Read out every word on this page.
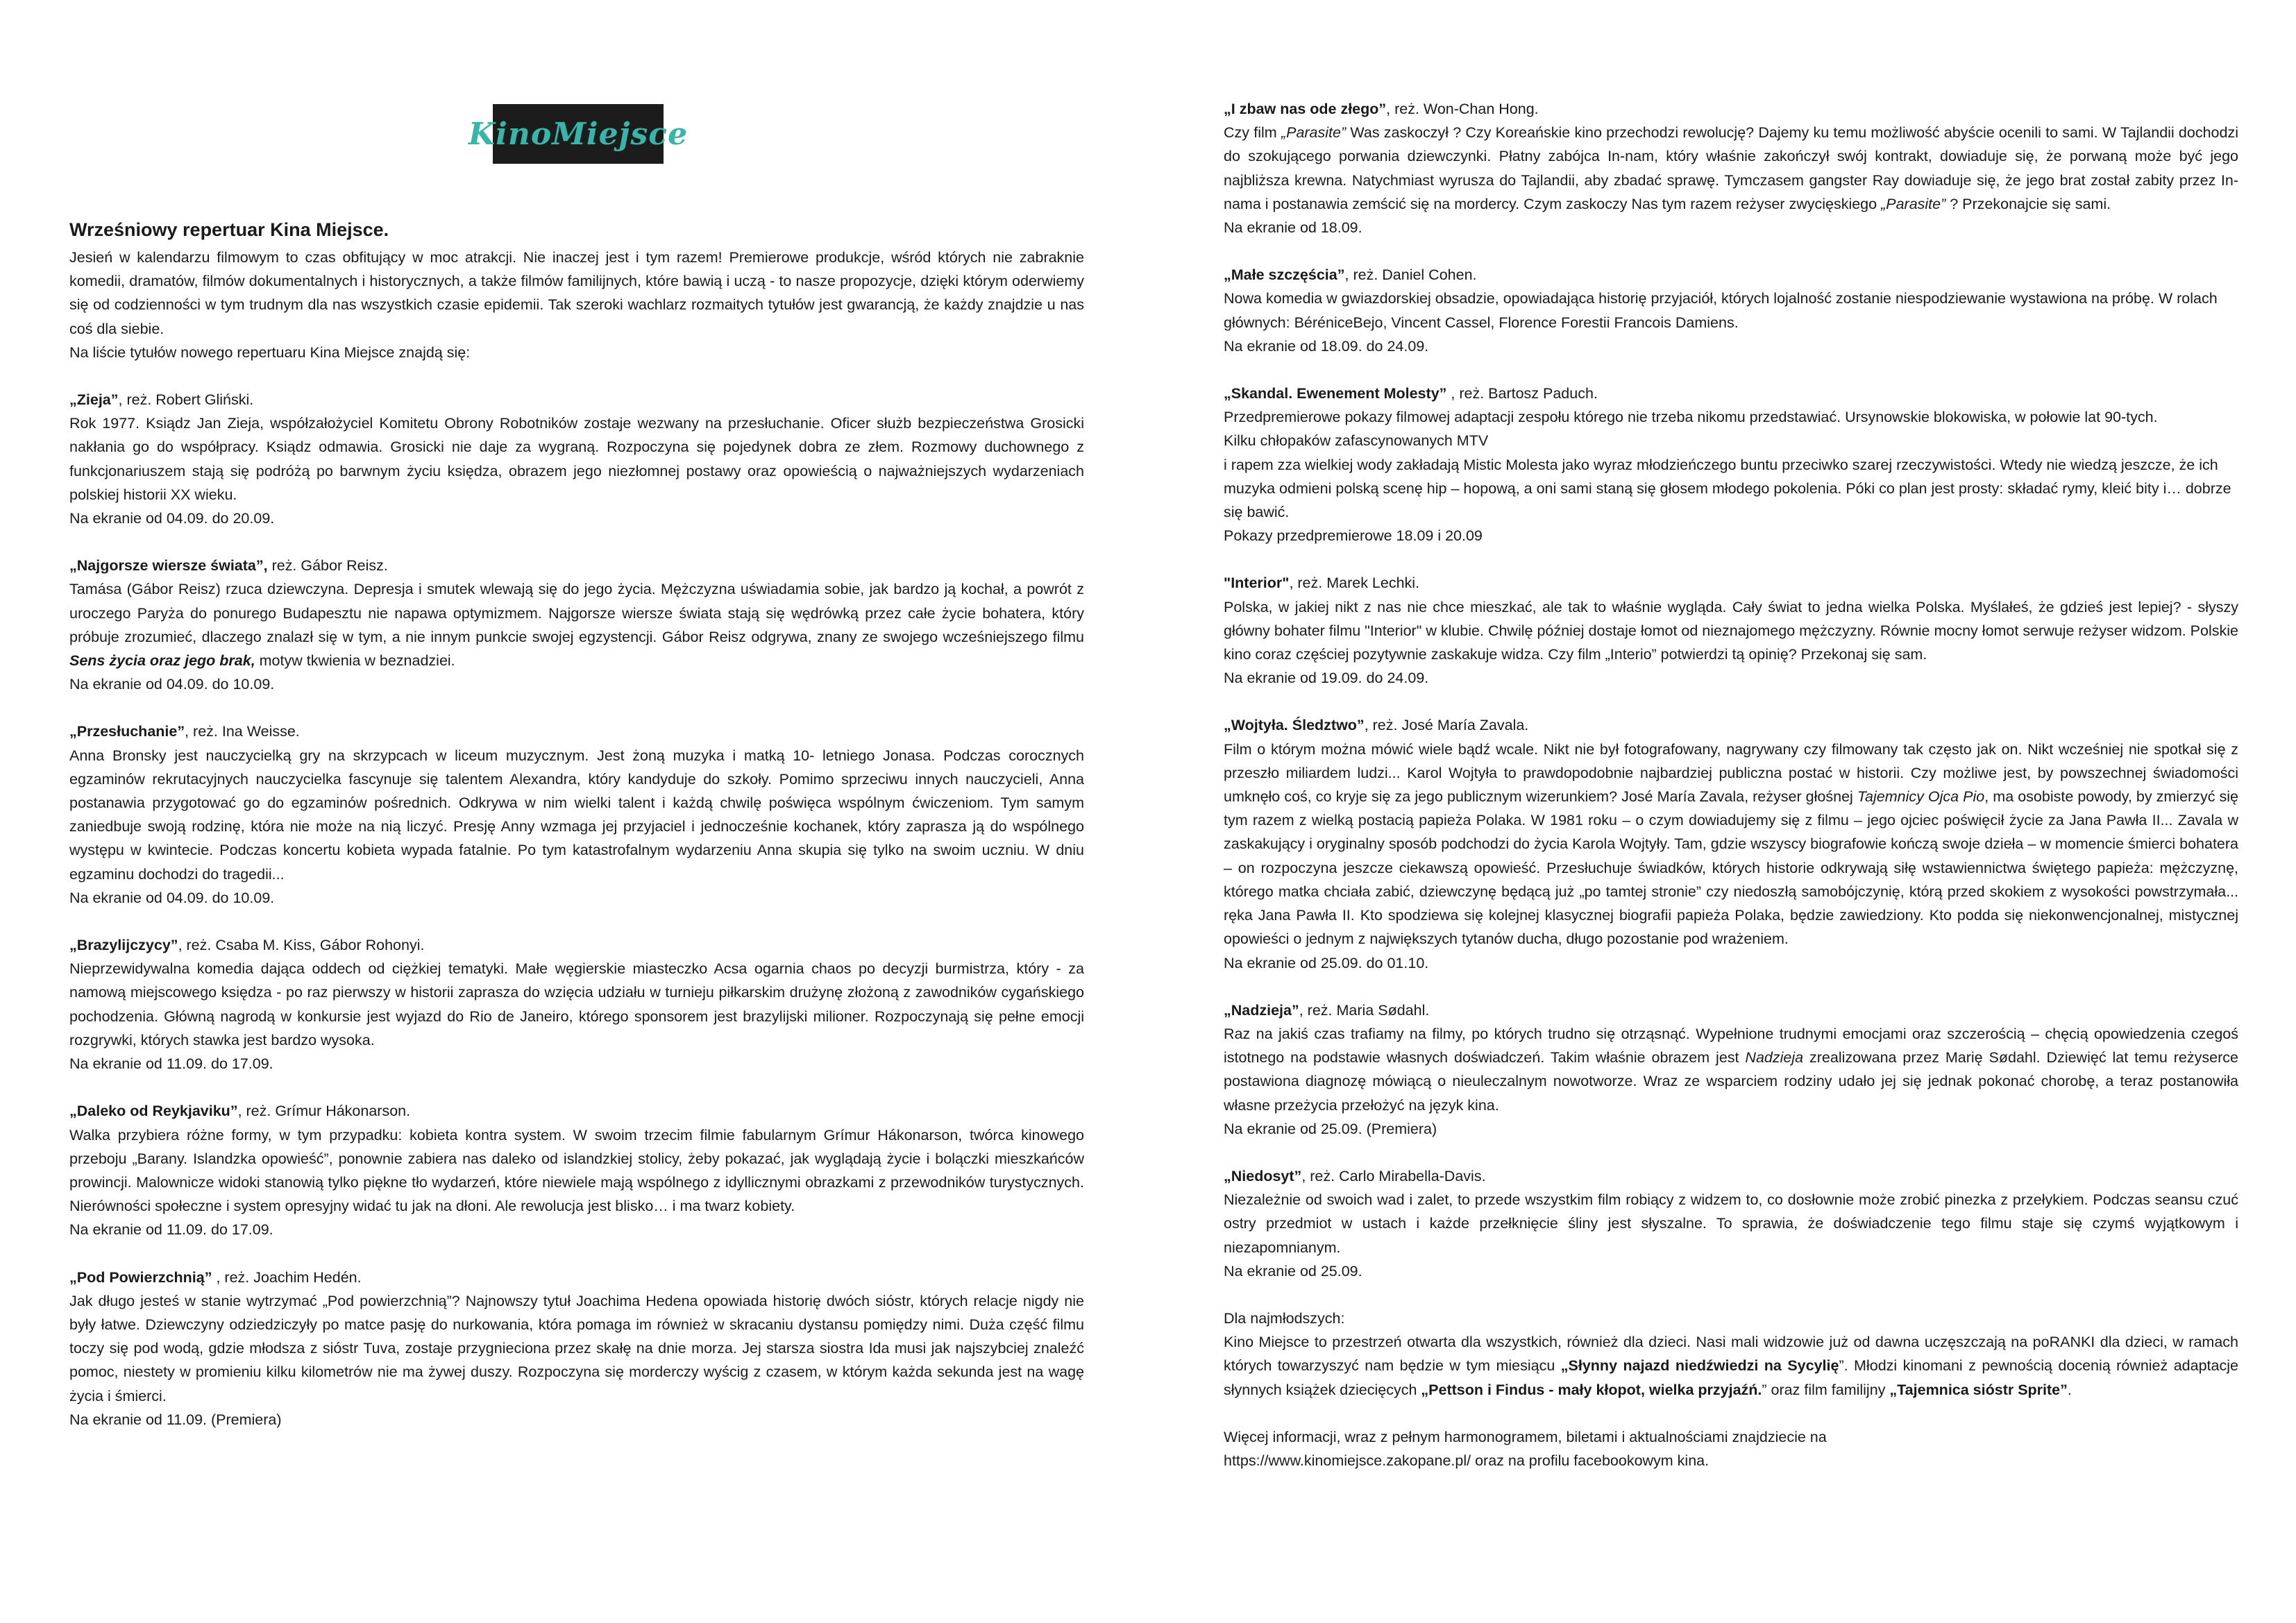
KinoMiejsce
Wrześniowy repertuar Kina Miejsce.

Jesień w kalendarzu filmowym to czas obfitujący w moc atrakcji. Nie inaczej jest i tym razem! Premierowe produkcje, wśród których nie zabraknie komedii, dramatów, filmów dokumentalnych i historycznych, a także filmów familijnych, które bawią i uczą - to nasze propozycje, dzięki którym oderwiemy się od codzienności w tym trudnym dla nas wszystkich czasie epidemii. Tak szeroki wachlarz rozmaitych tytułów jest gwarancją, że każdy znajdzie u nas coś dla siebie.

Na liście tytułów nowego repertuaru Kina Miejsce znajdą się:

„Zieja”, reż. Robert Gliński.

Rok 1977. Ksiądz Jan Zieja, współzałożyciel Komitetu Obrony Robotników zostaje wezwany na przesłuchanie. Oficer służb bezpieczeństwa Grosicki nakłania go do współpracy. Ksiądz odmawia. Grosicki nie daje za wygraną. Rozpoczyna się pojedynek dobra ze złem. Rozmowy duchownego z funkcjonariuszem stają się podróżą po barwnym życiu księdza, obrazem jego niezłomnej postawy oraz opowieścią o najważniejszych wydarzeniach polskiej historii XX wieku.

Na ekranie od 04.09. do 20.09.

„Najgorsze wiersze świata”, reż. Gábor Reisz.

Tamása (Gábor Reisz) rzuca dziewczyna. Depresja i smutek wlewają się do jego życia. Mężczyzna uświadamia sobie, jak bardzo ją kochał, a powrót z uroczego Paryża do ponurego Budapesztu nie napawa optymizmem. Najgorsze wiersze świata stają się wędrówką przez całe życie bohatera, który próbuje zrozumieć, dlaczego znalazł się w tym, a nie innym punkcie swojej egzystencji. Gábor Reisz odgrywa, znany ze swojego wcześniejszego filmu Sens życia oraz jego brak, motyw tkwienia w beznadziei.

Na ekranie od 04.09. do 10.09.

„Przesłuchanie”, reż. Ina Weisse.

Anna Bronsky jest nauczycielką gry na skrzypcach w liceum muzycznym. Jest żoną muzyka i matką 10- letniego Jonasa. Podczas corocznych egzaminów rekrutacyjnych nauczycielka fascynuje się talentem Alexandra, który kandyduje do szkoły. Pomimo sprzeciwu innych nauczycieli, Anna postanawia przygotować go do egzaminów pośrednich. Odkrywa w nim wielki talent i każdą chwilę poświęca wspólnym ćwiczeniom. Tym samym zaniedbuje swoją rodzinę, która nie może na nią liczyć. Presję Anny wzmaga jej przyjaciel i jednocześnie kochanek, który zaprasza ją do wspólnego występu w kwintecie. Podczas koncertu kobieta wypada fatalnie. Po tym katastrofalnym wydarzeniu Anna skupia się tylko na swoim uczniu. W dniu egzaminu dochodzi do tragedii...

Na ekranie od 04.09. do 10.09.

„Brazylijczycy”, reż. Csaba M. Kiss, Gábor Rohonyi.

Nieprzewidywalna komedia dająca oddech od ciężkiej tematyki. Małe węgierskie miasteczko Acsa ogarnia chaos po decyzji burmistrza, który - za namową miejscowego księdza - po raz pierwszy w historii zaprasza do wzięcia udziału w turnieju piłkarskim drużynę złożoną z zawodników cygańskiego pochodzenia. Główną nagrodą w konkursie jest wyjazd do Rio de Janeiro, którego sponsorem jest brazylijski milioner. Rozpoczynają się pełne emocji rozgrywki, których stawka jest bardzo wysoka.

Na ekranie od 11.09. do 17.09.

„Daleko od Reykjaviku”, reż. Grímur Hákonarson.

Walka przybiera różne formy, w tym przypadku: kobieta kontra system. W swoim trzecim filmie fabularnym Grímur Hákonarson, twórca kinowego przeboju „Barany. Islandzka opowieść”, ponownie zabiera nas daleko od islandzkiej stolicy, żeby pokazać, jak wyglądają życie i bolączki mieszkańców prowincji. Malownicze widoki stanowią tylko piękne tło wydarzeń, które niewiele mają wspólnego z idyllicznymi obrazkami z przewodników turystycznych. Nierówności społeczne i system opresyjny widać tu jak na dłoni. Ale rewolucja jest blisko… i ma twarz kobiety.

Na ekranie od 11.09. do 17.09.

„Pod Powierzchnią” , reż. Joachim Hedén.

Jak długo jesteś w stanie wytrzymać „Pod powierzchnią”? Najnowszy tytuł Joachima Hedena opowiada historię dwóch sióstr, których relacje nigdy nie były łatwe. Dziewczyny odziedziczyły po matce pasję do nurkowania, która pomaga im również w skracaniu dystansu pomiędzy nimi. Duża część filmu toczy się pod wodą, gdzie młodsza z sióstr Tuva, zostaje przygnieciona przez skałę na dnie morza. Jej starsza siostra Ida musi jak najszybciej znaleźć pomoc, niestety w promieniu kilku kilometrów nie ma żywej duszy. Rozpoczyna się morderczy wyścig z czasem, w którym każda sekunda jest na wagę życia i śmierci.

Na ekranie od 11.09. (Premiera)

„I zbaw nas ode złego”, reż. Won-Chan Hong.

Czy film „Parasite” Was zaskoczył ? Czy Koreańskie kino przechodzi rewolucję? Dajemy ku temu możliwość abyście ocenili to sami. W Tajlandii dochodzi do szokującego porwania dziewczynki. Płatny zabójca In-nam, który właśnie zakończył swój kontrakt, dowiaduje się, że porwaną może być jego najbliższa krewna. Natychmiast wyrusza do Tajlandii, aby zbadać sprawę. Tymczasem gangster Ray dowiaduje się, że jego brat został zabity przez In-nama i postanawia zemścić się na mordercy. Czym zaskoczy Nas tym razem reżyser zwycięskiego „Parasite” ? Przekonajcie się sami.

Na ekranie od 18.09.

„Małe szczęścia”, reż. Daniel Cohen.

Nowa komedia w gwiazdorskiej obsadzie, opowiadająca historię przyjaciół, których lojalność zostanie niespodziewanie wystawiona na próbę. W rolach głównych: BérénicеBejo, Vincent Cassel, Florence Forestii Francois Damiens.

Na ekranie od 18.09. do 24.09.

„Skandal. Ewenement Molesty” , reż. Bartosz Paduch.

Przedpremierowe pokazy filmowej adaptacji zespołu którego nie trzeba nikomu przedstawiać. Ursynowskie blokowiska, w połowie lat 90-tych.
Kilku chłopaków zafascynowanych MTV
i rapem zza wielkiej wody zakładają Mistic Molesta jako wyraz młodzieńczego buntu przeciwko szarej rzeczywistości. Wtedy nie wiedzą jeszcze, że ich muzyka odmieni polską scenę hip – hopową, a oni sami staną się głosem młodego pokolenia. Póki co plan jest prosty: składać rymy, kleić bity i… dobrze się bawić.

Pokazy przedpremierowe 18.09 i 20.09

"Interior", reż. Marek Lechki.

Polska, w jakiej nikt z nas nie chce mieszkać, ale tak to właśnie wygląda. Cały świat to jedna wielka Polska. Myślałeś, że gdzieś jest lepiej? - słyszy główny bohater filmu "Interior" w klubie. Chwilę później dostaje łomot od nieznajomego mężczyzny. Równie mocny łomot serwuje reżyser widzom. Polskie kino coraz częściej pozytywnie zaskakuje widza. Czy film „Interio” potwierdzi tą opinię? Przekonaj się sam.

Na ekranie od 19.09. do 24.09.

„Wojtyła. Śledztwo”, reż. José María Zavala.

Film o którym można mówić wiele bądź wcale. Nikt nie był fotografowany, nagrywany czy filmowany tak często jak on. Nikt wcześniej nie spotkał się z przeszło miliardem ludzi... Karol Wojtyła to prawdopodobnie najbardziej publiczna postać w historii. Czy możliwe jest, by powszechnej świadomości umknęło coś, co kryje się za jego publicznym wizerunkiem? José María Zavala, reżyser głośnej Tajemnicy Ojca Pio, ma osobiste powody, by zmierzyć się tym razem z wielką postacią papieża Polaka. W 1981 roku – o czym dowiadujemy się z filmu – jego ojciec poświęcił życie za Jana Pawła II... Zavala w zaskakujący i oryginalny sposób podchodzi do życia Karola Wojtyły. Tam, gdzie wszyscy biografowie kończą swoje dzieła – w momencie śmierci bohatera – on rozpoczyna jeszcze ciekawszą opowieść. Przesłuchuje świadków, których historie odkrywają siłę wstawiennictwa świętego papieża: mężczyznę, którego matka chciała zabić, dziewczynę będącą już „po tamtej stronie” czy niedoszłą samobójczynię, którą przed skokiem z wysokości powstrzymała... ręka Jana Pawła II. Kto spodziewa się kolejnej klasycznej biografii papieża Polaka, będzie zawiedziony. Kto podda się niekonwencjonalnej, mistycznej opowieści o jednym z największych tytanów ducha, długo pozostanie pod wrażeniem.

Na ekranie od 25.09. do 01.10.

„Nadzieja”, reż. Maria Sødahl.

Raz na jakiś czas trafiamy na filmy, po których trudno się otrząsnąć. Wypełnione trudnymi emocjami oraz szczerością – chęcią opowiedzenia czegoś istotnego na podstawie własnych doświadczeń. Takim właśnie obrazem jest Nadzieja zrealizowana przez Marię Sødahl. Dziewięć lat temu reżyserce postawiona diagnozę mówiącą o nieuleczalnym nowotworze. Wraz ze wsparciem rodziny udało jej się jednak pokonać chorobę, a teraz postanowiła własne przeżycia przełożyć na język kina.

Na ekranie od 25.09. (Premiera)

„Niedosyt”, reż. Carlo Mirabella-Davis.

Niezależnie od swoich wad i zalet, to przede wszystkim film robiący z widzem to, co dosłownie może zrobić pinezka z przełykiem. Podczas seansu czuć ostry przedmiot w ustach i każde przełknięcie śliny jest słyszalne. To sprawia, że doświadczenie tego filmu staje się czymś wyjątkowym i niezapomnianym.

Na ekranie od 25.09.

Dla najmłodszych:

Kino Miejsce to przestrzeń otwarta dla wszystkich, również dla dzieci. Nasi mali widzowie już od dawna uczęszczają na poRANKI dla dzieci, w ramach których towarzyszyć nam będzie w tym miesiącu „Słynny najazd niedźwiedzi na Sycylię”. Młodzi kinomani z pewnością docenią również adaptacje słynnych książek dziecięcych „Pettson i Findus - mały kłopot, wielka przyjaźń.” oraz film familijny „Tajemnica sióstr Sprite”.

Więcej informacji, wraz z pełnym harmonogramem, biletami i aktualnościami znajdziecie na

https://www.kinomiejsce.zakopane.pl/ oraz na profilu facebookowym kina.
